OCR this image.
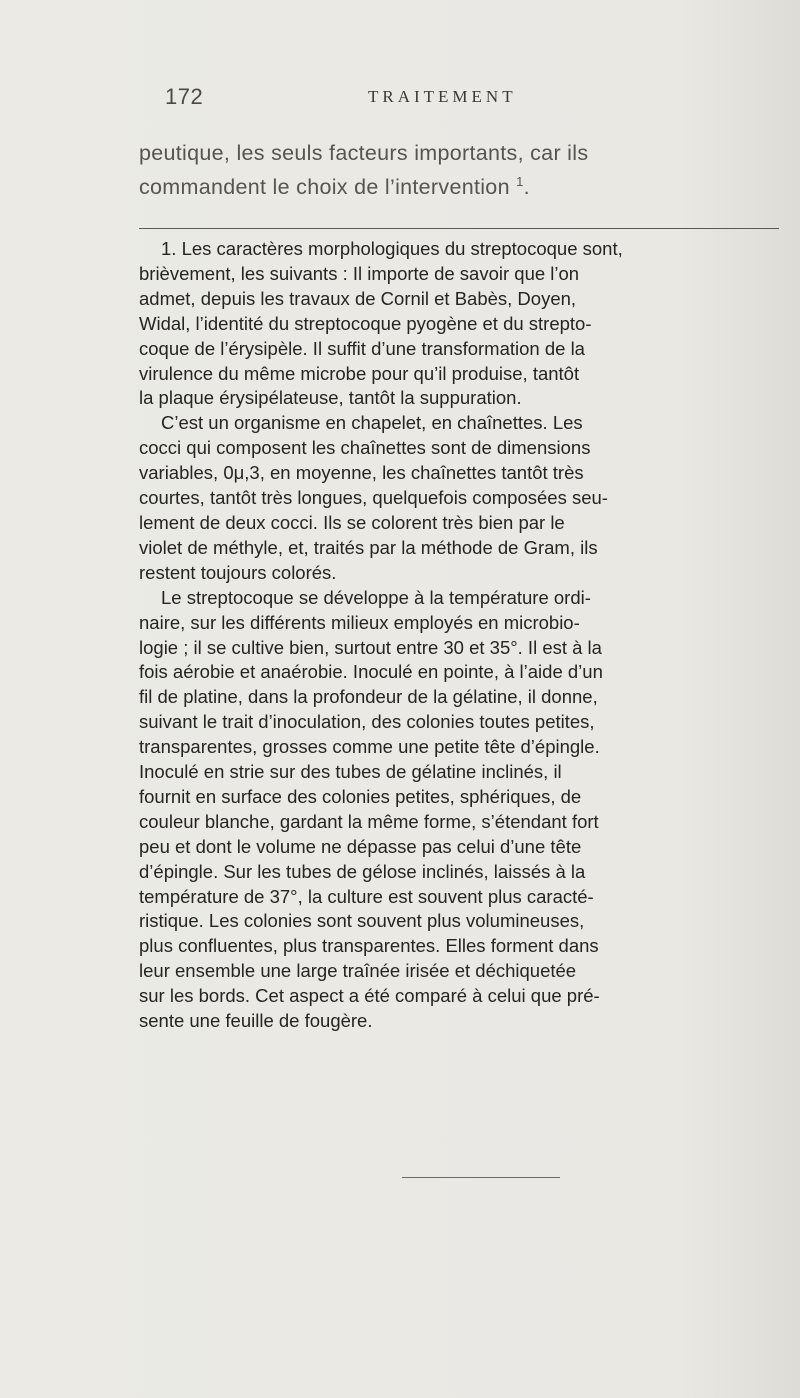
172	TRAITEMENT
peutique, les seuls facteurs importants, car ils
commandent le choix de l’intervention $^1$.
1. Les caractères morphologiques du streptocoque sont,
brièvement, les suivants : Il importe de savoir que l’on
admet, depuis les travaux de Cornil et Babès, Doyen,
Widal, l’identité du streptocoque pyogène et du strepto-
coque de l’érysipèle. Il suffit d’une transformation de la
virulence du même microbe pour qu’il produise, tantôt
la plaque érysipélateuse, tantôt la suppuration.
C’est un organisme en chapelet, en chaînettes. Les
cocci qui composent les chaînettes sont de dimensions
variables, 0μ,3, en moyenne, les chaînettes tantôt très
courtes, tantôt très longues, quelquefois composées seu-
lement de deux cocci. Ils se colorent très bien par le
violet de méthyle, et, traités par la méthode de Gram, ils
restent toujours colorés.
Le streptocoque se développe à la température ordi-
naire, sur les différents milieux employés en microbio-
logie ; il se cultive bien, surtout entre 30 et 35°. Il est à la
fois aérobie et anaérobie. Inoculé en pointe, à l’aide d’un
fil de platine, dans la profondeur de la gélatine, il donne,
suivant le trait d’inoculation, des colonies toutes petites,
transparentes, grosses comme une petite tête d’épingle.
Inoculé en strie sur des tubes de gélatine inclinés, il
fournit en surface des colonies petites, sphériques, de
couleur blanche, gardant la même forme, s’étendant fort
peu et dont le volume ne dépasse pas celui d’une tête
d’épingle. Sur les tubes de gélose inclinés, laissés à la
température de 37°, la culture est souvent plus caracté-
ristique. Les colonies sont souvent plus volumineuses,
plus confluentes, plus transparentes. Elles forment dans
leur ensemble une large traînée irisée et déchiquetée
sur les bords. Cet aspect a été comparé à celui que pré-
sente une feuille de fougère.
